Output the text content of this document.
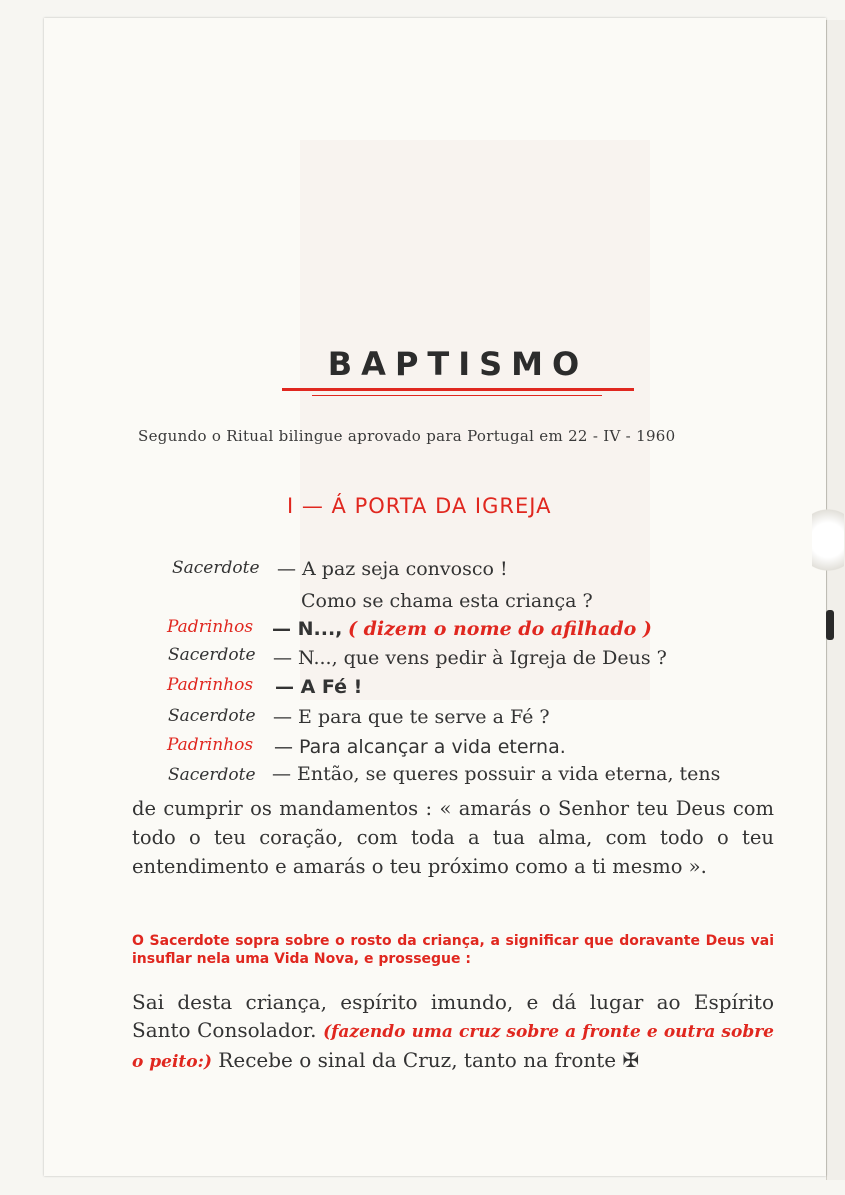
BAPTISMO
Segundo o Ritual bilingue aprovado para Portugal em 22 - IV - 1960
I — Á PORTA DA IGREJA
Sacerdote — A paz seja convosco !
Como se chama esta criança ?
Padrinhos — N..., ( dizem o nome do afilhado )
Sacerdote — N..., que vens pedir à Igreja de Deus ?
Padrinhos — A Fé !
Sacerdote — E para que te serve a Fé ?
Padrinhos — Para alcançar a vida eterna.
Sacerdote — Então, se queres possuir a vida eterna, tens
de cumprir os mandamentos : « amarás o Senhor teu Deus com todo o teu coração, com toda a tua alma, com todo o teu entendimento e amarás o teu próximo como a ti mesmo ».
O Sacerdote sopra sobre o rosto da criança, a significar que doravante Deus vai insuflar nela uma Vida Nova, e prossegue :
Sai desta criança, espírito imundo, e dá lugar ao Espírito Santo Consolador. (fazendo uma cruz sobre a fronte e outra sobre o peito:) Recebe o sinal da Cruz, tanto na fronte ✠
